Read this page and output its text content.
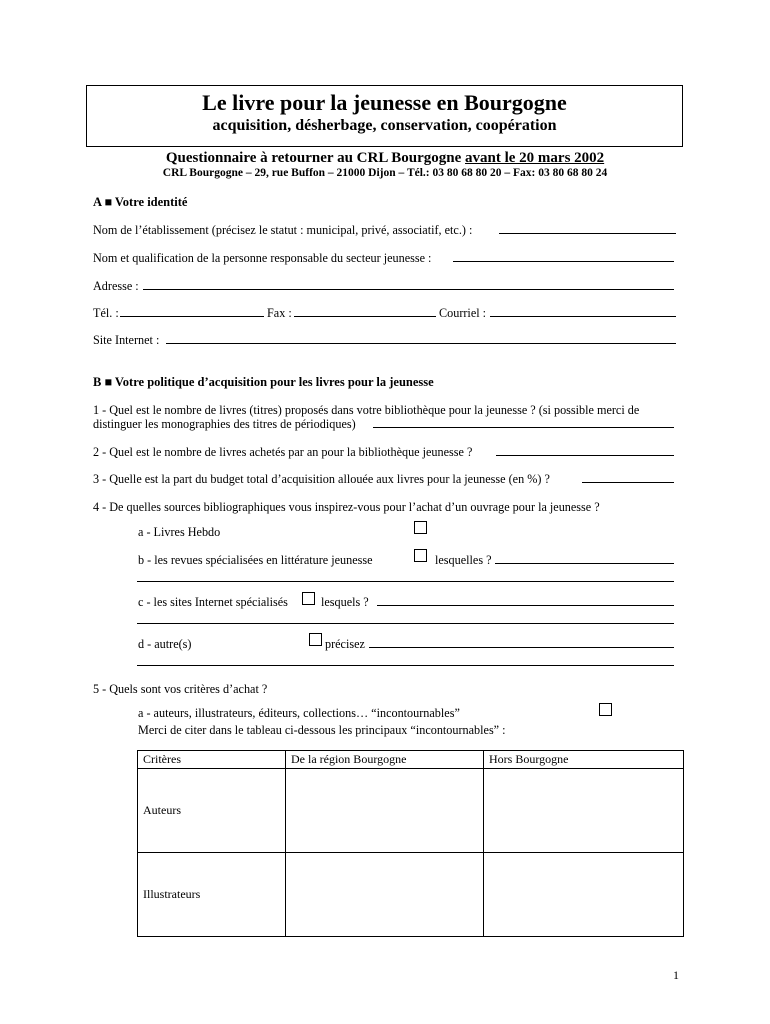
Le livre pour la jeunesse en Bourgogne
acquisition, désherbage, conservation, coopération
Questionnaire à retourner au CRL Bourgogne avant le 20 mars 2002
CRL Bourgogne – 29, rue Buffon – 21000 Dijon – Tél.: 03 80 68 80 20 – Fax: 03 80 68 80 24
A ■ Votre identité
Nom de l’établissement (précisez le statut : municipal, privé, associatif, etc.) :
Nom et qualification de la personne responsable du secteur jeunesse :
Adresse :
Tél. :	Fax :	Courriel :
Site Internet :
B ■ Votre politique d’acquisition pour les livres pour la jeunesse
1 - Quel est le nombre de livres (titres) proposés dans votre bibliothèque pour la jeunesse ? (si possible merci de
distinguer les monographies des titres de périodiques)
2 - Quel est le nombre de livres achetés par an pour la bibliothèque jeunesse ?
3 - Quelle est la part du budget total d’acquisition allouée aux livres pour la jeunesse (en %) ?
4 - De quelles sources bibliographiques vous inspirez-vous pour l’achat d’un ouvrage pour la jeunesse ?
a - Livres Hebdo
b - les revues spécialisées en littérature jeunesse	lesquelles ?
c - les sites Internet spécialisés	lesquels ?
d - autre(s)	précisez
5 - Quels sont vos critères d’achat ?
a - auteurs, illustrateurs, éditeurs, collections… “incontournables”
Merci de citer dans le tableau ci-dessous les principaux “incontournables” :
Critères	De la région Bourgogne	Hors Bourgogne
Auteurs		
Illustrateurs		
1
